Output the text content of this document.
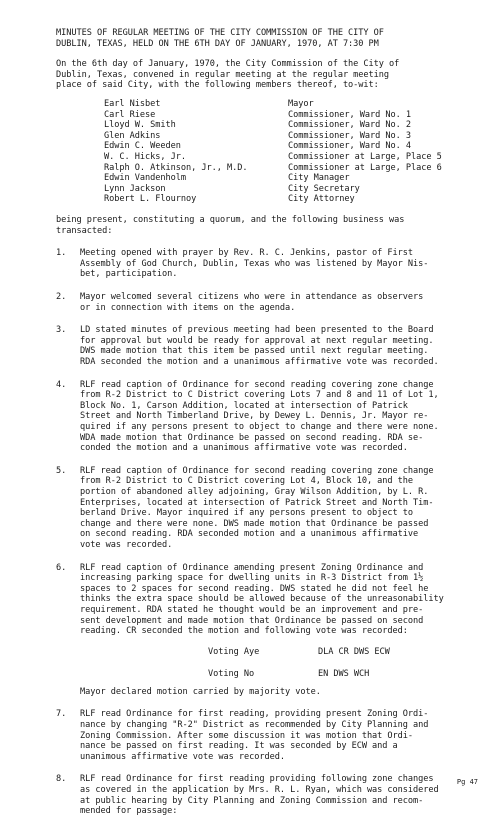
MINUTES OF REGULAR MEETING OF THE CITY COMMISSION OF THE CITY OF
DUBLIN, TEXAS, HELD ON THE 6TH DAY OF JANUARY, 1970, AT 7:30 PM
On the 6th day of January, 1970, the City Commission of the City of
Dublin, Texas, convened in regular meeting at the regular meeting
place of said City, with the following members thereof, to-wit:
Earl Nisbet	Mayor
Carl Riese	Commissioner, Ward No. 1
Lloyd W. Smith	Commissioner, Ward No. 2
Glen Adkins	Commissioner, Ward No. 3
Edwin C. Weeden	Commissioner, Ward No. 4
W. C. Hicks, Jr.	Commissioner at Large, Place 5
Ralph O. Atkinson, Jr., M.D.	Commissioner at Large, Place 6
Edwin Vandenholm	City Manager
Lynn Jackson	City Secretary
Robert L. Flournoy	City Attorney
being present, constituting a quorum, and the following business was
transacted:
1. Meeting opened with prayer by Rev. R. C. Jenkins, pastor of First
Assembly of God Church, Dublin, Texas who was listened by Mayor Nis-
bet, participation.
2. Mayor welcomed several citizens who were in attendance as observers
or in connection with items on the agenda.
3. LD stated minutes of previous meeting had been presented to the Board
for approval but would be ready for approval at next regular meeting.
DWS made motion that this item be passed until next regular meeting.
RDA seconded the motion and a unanimous affirmative vote was recorded.
4. RLF read caption of Ordinance for second reading covering zone change
from R-2 District to C District covering Lots 7 and 8 and 11 of Lot 1,
Block No. 1, Carson Addition, located at intersection of Patrick
Street and North Timberland Drive, by Dewey L. Dennis, Jr. Mayor re-
quired if any persons present to object to change and there were none.
WDA made motion that Ordinance be passed on second reading. RDA se-
conded the motion and a unanimous affirmative vote was recorded.
5. RLF read caption of Ordinance for second reading covering zone change
from R-2 District to C District covering Lot 4, Block 10, and the
portion of abandoned alley adjoining, Gray Wilson Addition, by L. R.
Enterprises, located at intersection of Patrick Street and North Tim-
berland Drive. Mayor inquired if any persons present to object to
change and there were none. DWS made motion that Ordinance be passed
on second reading. RDA seconded motion and a unanimous affirmative
vote was recorded.
6. RLF read caption of Ordinance amending present Zoning Ordinance and
increasing parking space for dwelling units in R-3 District from 1½
spaces to 2 spaces for second reading. DWS stated he did not feel he
thinks the extra space should be allowed because of the unreasonability
requirement. RDA stated he thought would be an improvement and pre-
sent development and made motion that Ordinance be passed on second
reading. CR seconded the motion and following vote was recorded:
Voting Aye	DLA CR DWS ECW
Voting No	EN DWS WCH
Mayor declared motion carried by majority vote.
7. RLF read Ordinance for first reading, providing present Zoning Ordi-
nance by changing "R-2" District as recommended by City Planning and
Zoning Commission. After some discussion it was motion that Ordi-
nance be passed on first reading. It was seconded by ECW and a
unanimous affirmative vote was recorded.
8. RLF read Ordinance for first reading providing following zone changes
as covered in the application by Mrs. R. L. Ryan, which was considered
at public hearing by City Planning and Zoning Commission and recom-
mended for passage:
Pg 47
